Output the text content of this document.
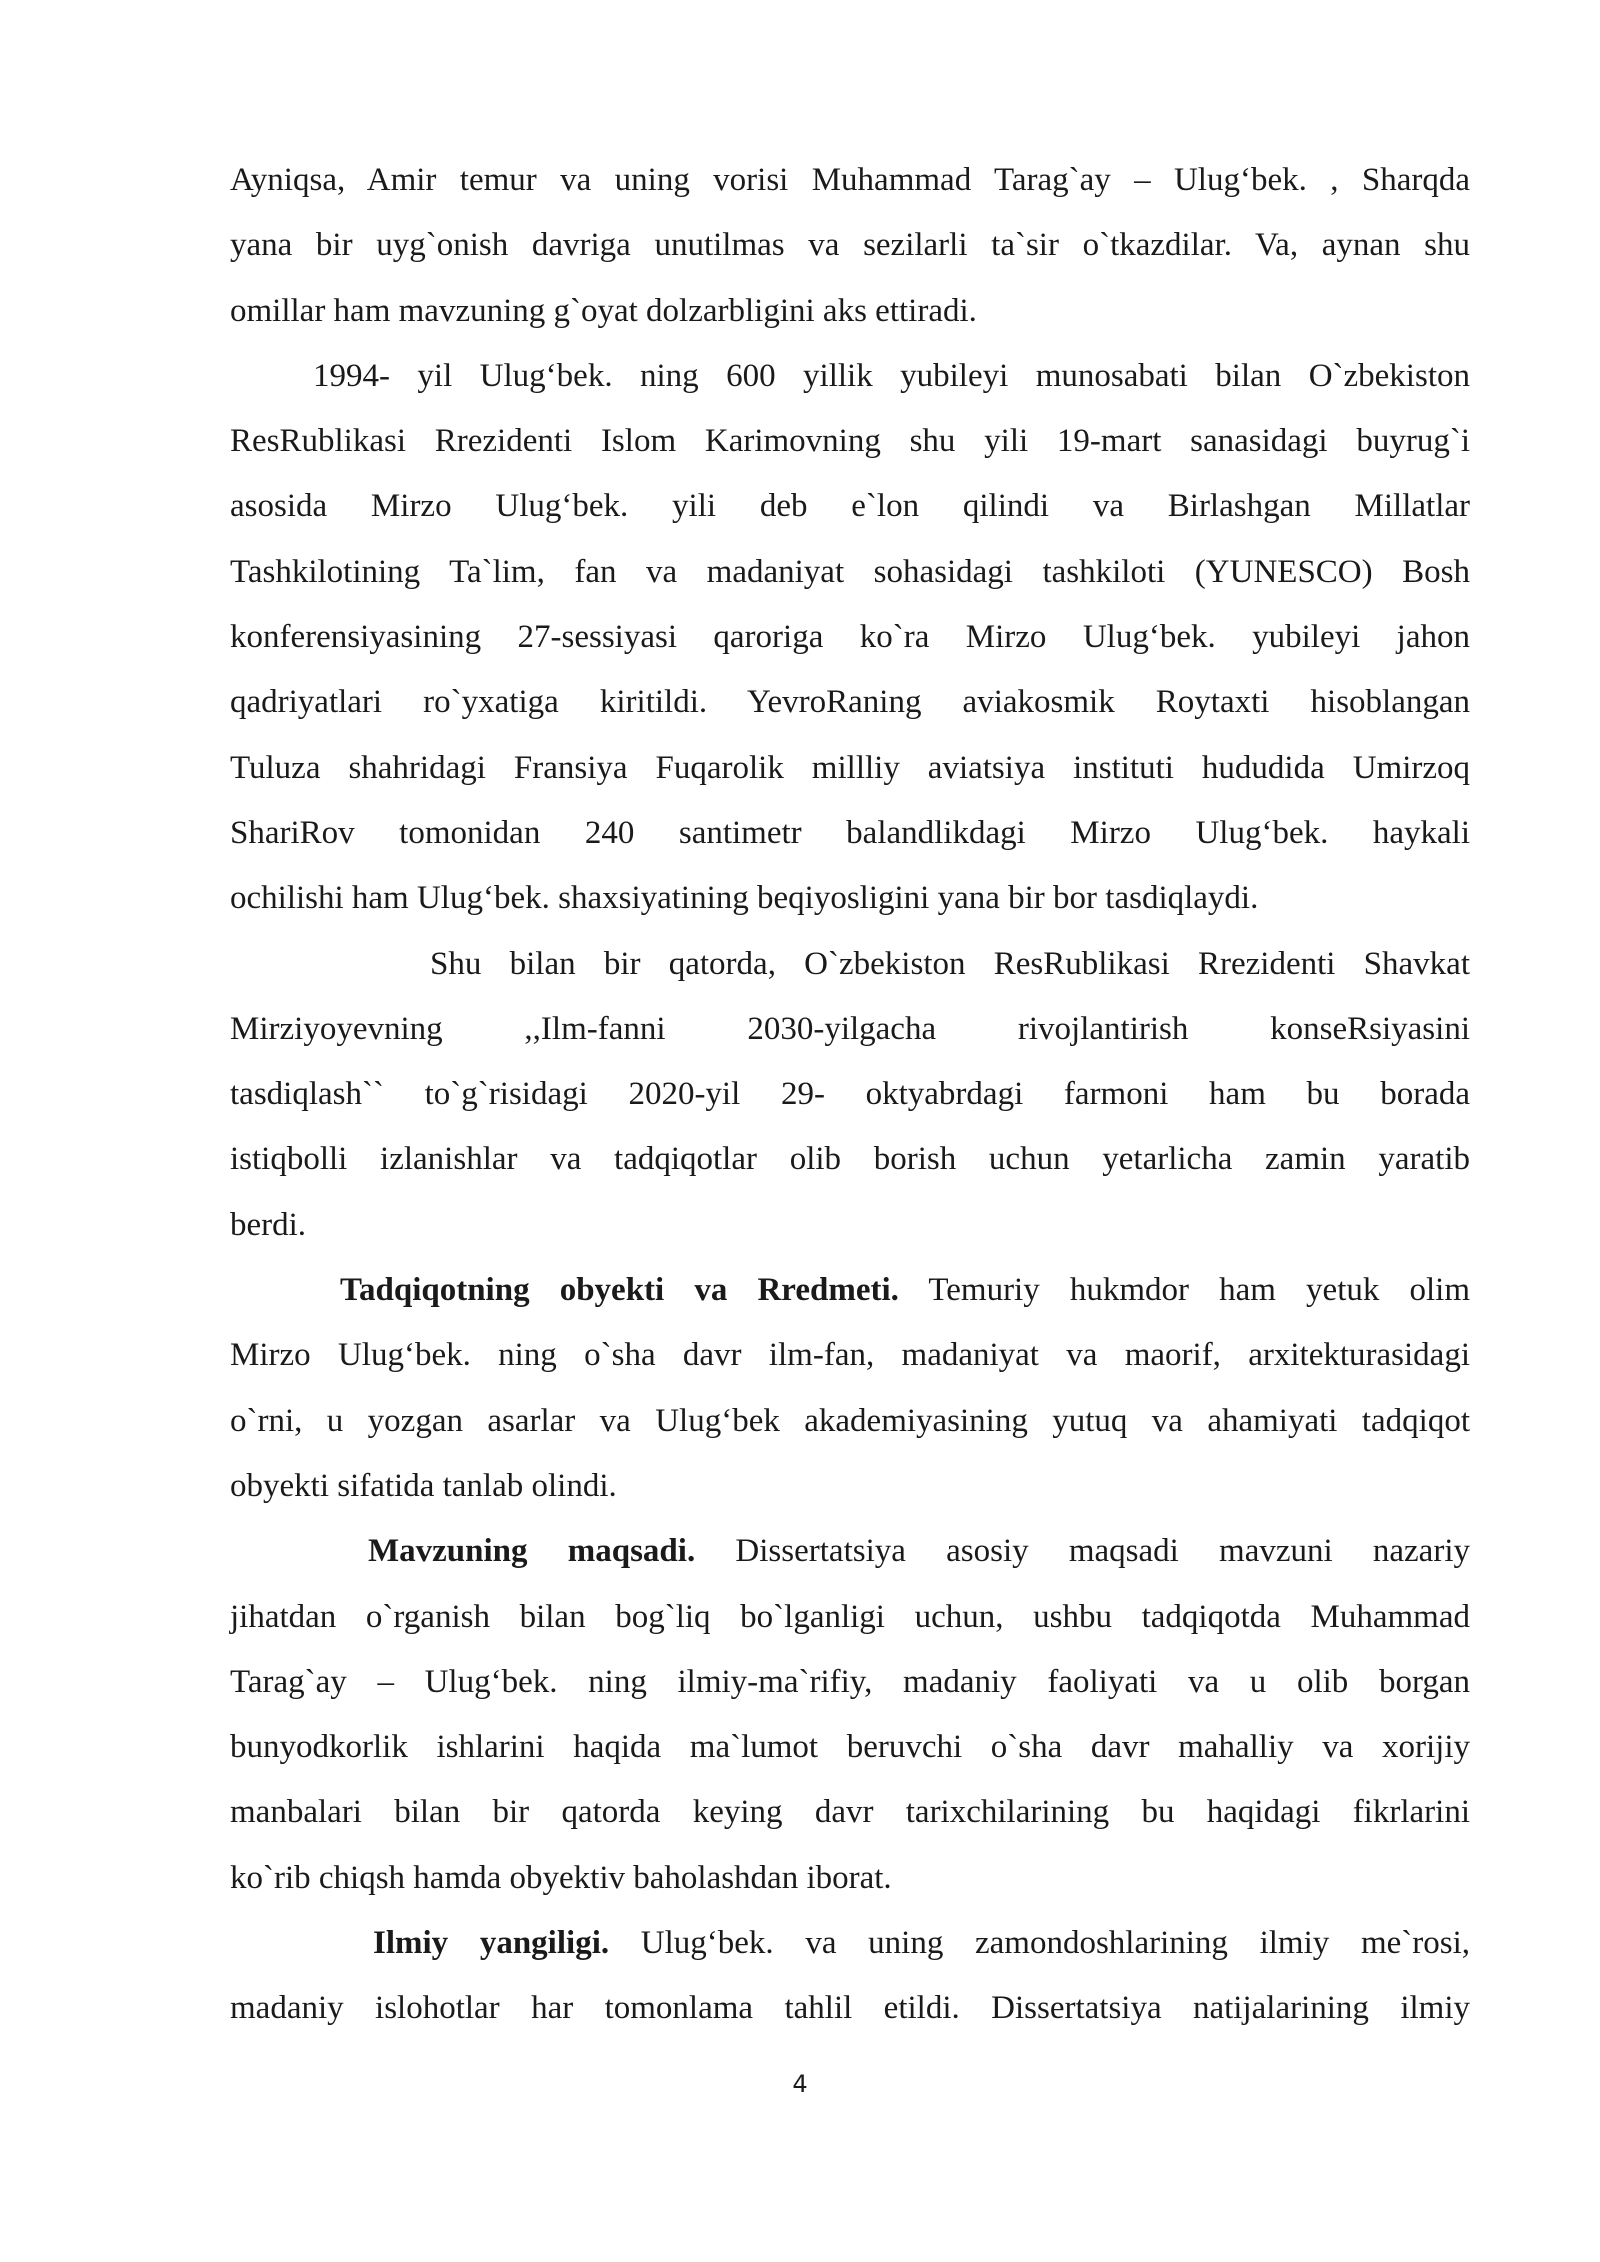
Ayniqsa, Amir temur va uning vorisi Muhammad Tarag`ay – Ulug‘bek. , Sharqda
yana bir uyg`onish davriga unutilmas va sezilarli ta`sir o`tkazdilar. Va, aynan shu
omillar ham mavzuning g`oyat dolzarbligini aks ettiradi.
1994- yil Ulug‘bek. ning 600 yillik yubileyi munosabati bilan O`zbekiston
ResRublikasi Rrezidenti Islom Karimovning shu yili 19-mart sanasidagi buyrug`i
asosida Mirzo Ulug‘bek. yili deb e`lon qilindi va Birlashgan Millatlar
Tashkilotining Ta`lim, fan va madaniyat sohasidagi tashkiloti (YUNESCO) Bosh
konferensiyasining 27-sessiyasi qaroriga ko`ra Mirzo Ulug‘bek. yubileyi jahon
qadriyatlari ro`yxatiga kiritildi. YevroRaning aviakosmik Roytaxti hisoblangan
Tuluza shahridagi Fransiya Fuqarolik millliy aviatsiya instituti hududida Umirzoq
ShariRov tomonidan 240 santimetr balandlikdagi Mirzo Ulug‘bek. haykali
ochilishi ham Ulug‘bek. shaxsiyatining beqiyosligini yana bir bor tasdiqlaydi.
Shu bilan bir qatorda, O`zbekiston ResRublikasi Rrezidenti Shavkat
Mirziyoyevning ,,Ilm-fanni 2030-yilgacha rivojlantirish konseRsiyasini
tasdiqlash`` to`g`risidagi 2020-yil 29- oktyabrdagi farmoni ham bu borada
istiqbolli izlanishlar va tadqiqotlar olib borish uchun yetarlicha zamin yaratib
berdi.
Tadqiqotning obyekti va Rredmeti. Temuriy hukmdor ham yetuk olim
Mirzo Ulug‘bek. ning o`sha davr ilm-fan, madaniyat va maorif, arxitekturasidagi
o`rni, u yozgan asarlar va Ulug‘bek akademiyasining yutuq va ahamiyati tadqiqot
obyekti sifatida tanlab olindi.
Mavzuning maqsadi. Dissertatsiya asosiy maqsadi mavzuni nazariy
jihatdan o`rganish bilan bog`liq bo`lganligi uchun, ushbu tadqiqotda Muhammad
Tarag`ay – Ulug‘bek. ning ilmiy-ma`rifiy, madaniy faoliyati va u olib borgan
bunyodkorlik ishlarini haqida ma`lumot beruvchi o`sha davr mahalliy va xorijiy
manbalari bilan bir qatorda keying davr tarixchilarining bu haqidagi fikrlarini
ko`rib chiqsh hamda obyektiv baholashdan iborat.
Ilmiy yangiligi. Ulug‘bek. va uning zamondoshlarining ilmiy me`rosi,
madaniy islohotlar har tomonlama tahlil etildi. Dissertatsiya natijalarining ilmiy
4
